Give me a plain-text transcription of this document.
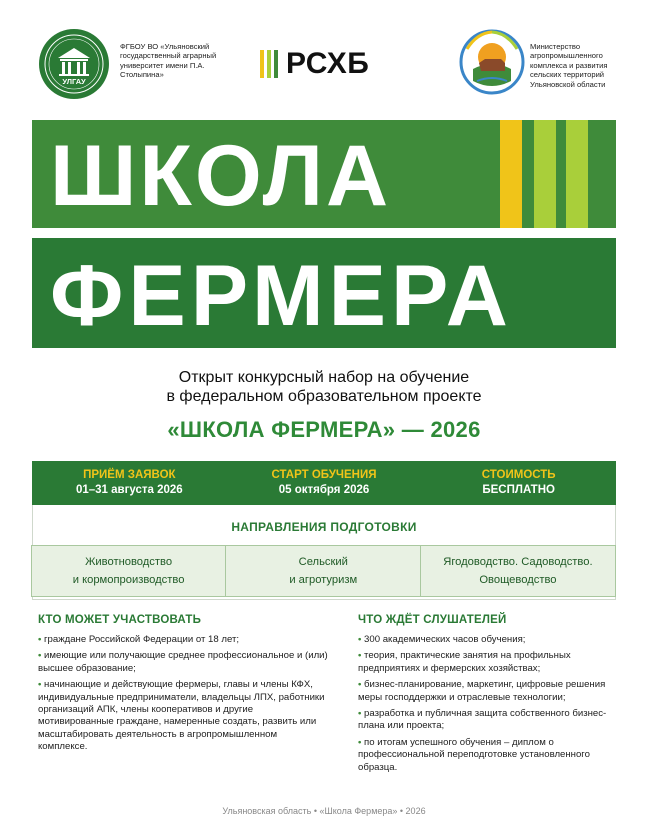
УЛГАУ
ФГБОУ ВО «Ульяновский государственный аграрный университет имени П.А. Столыпина»	РСХБ
Министерство агропромышленного комплекса и развития сельских территорий Ульяновской области
ШКОЛА
ФЕРМЕРА
Открыт конкурсный набор на обучение
в федеральном образовательном проекте
«ШКОЛА ФЕРМЕРА» — 2026
ПРИЁМ ЗАЯВОК
01–31 августа 2026
СТАРТ ОБУЧЕНИЯ
05 октября 2026
СТОИМОСТЬ
БЕСПЛАТНО
НАПРАВЛЕНИЯ ПОДГОТОВКИ
Животноводство
и кормопроизводство
Сельский
и агротуризм
Ягодоводство. Садоводство.
Овощеводство
КТО МОЖЕТ УЧАСТВОВАТЬ
• граждане Российской Федерации от 18 лет;
• имеющие или получающие среднее профессиональное и (или) высшее образование;
• начинающие и действующие фермеры, главы и члены КФХ, индивидуальные предприниматели, владельцы ЛПХ, работники организаций АПК, члены кооперативов и другие мотивированные граждане, намеренные создать, развить или масштабировать деятельность в агропромышленном комплексе.
ЧТО ЖДЁТ СЛУШАТЕЛЕЙ
• 300 академических часов обучения;
• теория, практические занятия на профильных предприятиях и фермерских хозяйствах;
• бизнес-планирование, маркетинг, цифровые решения меры господдержки и отраслевые технологии;
• разработка и публичная защита собственного бизнес-плана или проекта;
• по итогам успешного обучения – диплом о профессиональной переподготовке установленного образца.
Ульяновская область • «Школа Фермера» • 2026
